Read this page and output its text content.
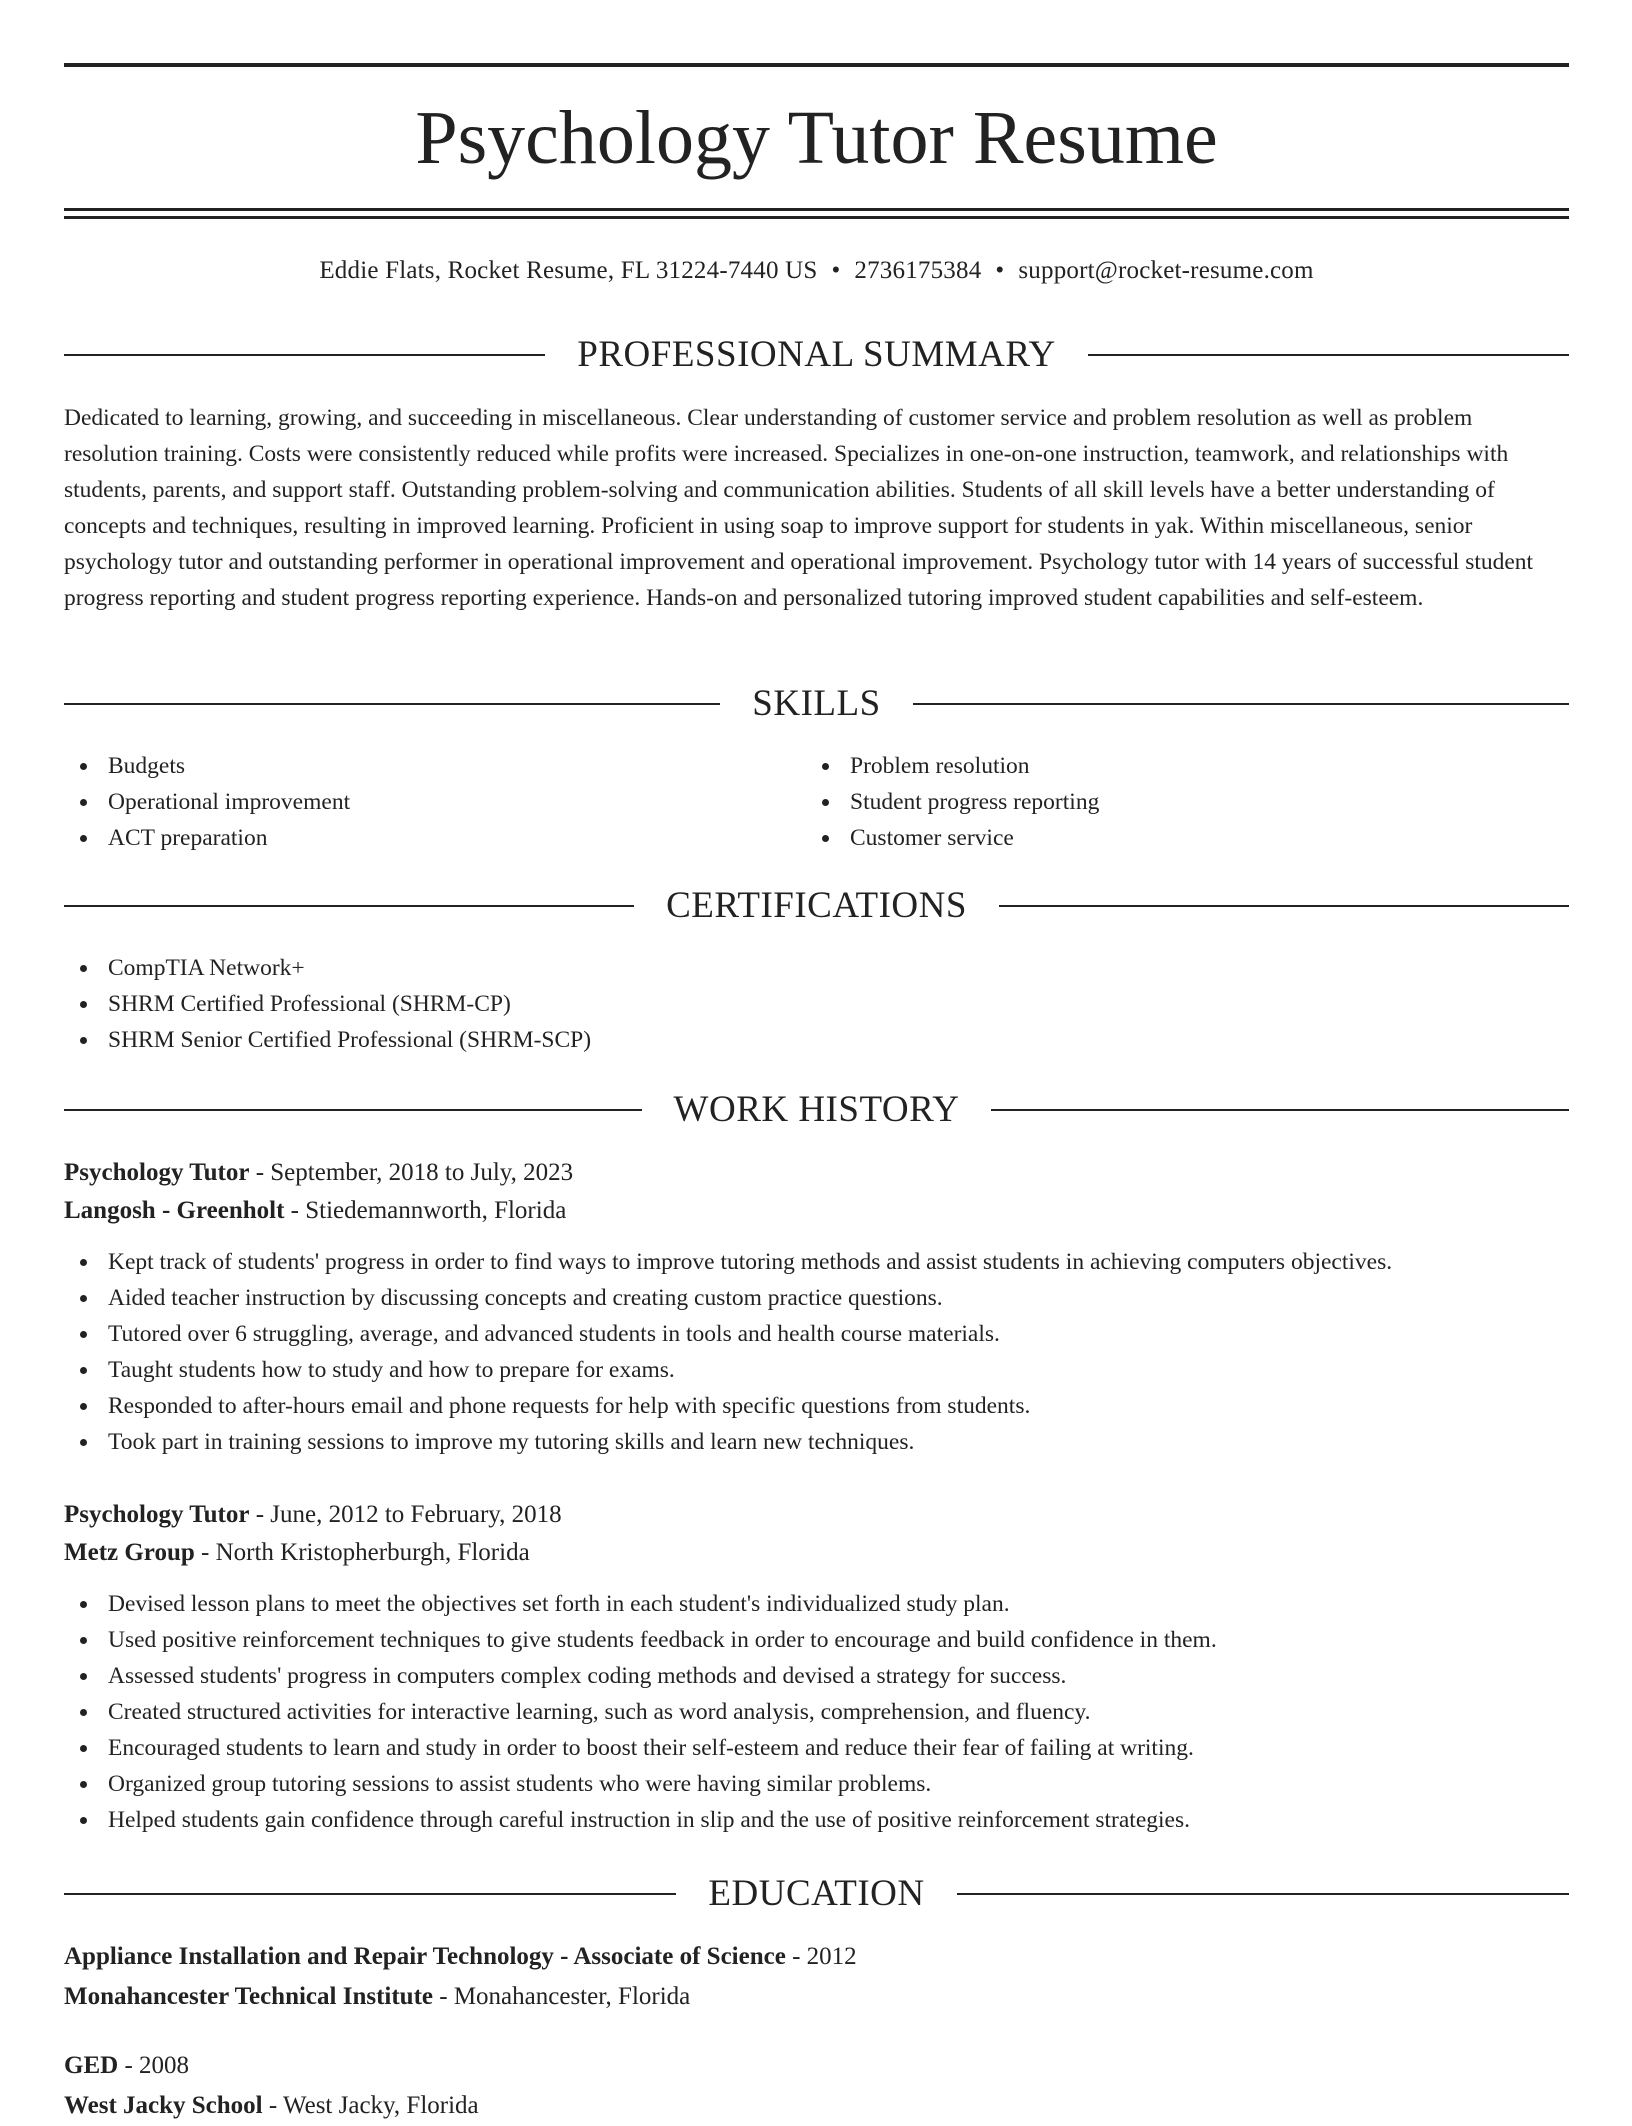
Psychology Tutor Resume
Eddie Flats, Rocket Resume, FL 31224-7440 US • 2736175384 • support@rocket-resume.com
PROFESSIONAL SUMMARY

Dedicated to learning, growing, and succeeding in miscellaneous. Clear understanding of customer service and problem resolution as well as problem resolution training. Costs were consistently reduced while profits were increased. Specializes in one-on-one instruction, teamwork, and relationships with students, parents, and support staff. Outstanding problem-solving and communication abilities. Students of all skill levels have a better understanding of concepts and techniques, resulting in improved learning. Proficient in using soap to improve support for students in yak. Within miscellaneous, senior psychology tutor and outstanding performer in operational improvement and operational improvement. Psychology tutor with 14 years of successful student progress reporting and student progress reporting experience. Hands-on and personalized tutoring improved student capabilities and self-esteem.

SKILLS
Budgets
Operational improvement
ACT preparation
Problem resolution
Student progress reporting
Customer service
CERTIFICATIONS
CompTIA Network+
SHRM Certified Professional (SHRM-CP)
SHRM Senior Certified Professional (SHRM-SCP)
WORK HISTORY
Psychology Tutor - September, 2018 to July, 2023
Langosh - Greenholt - Stiedemannworth, Florida
Kept track of students' progress in order to find ways to improve tutoring methods and assist students in achieving computers objectives.
Aided teacher instruction by discussing concepts and creating custom practice questions.
Tutored over 6 struggling, average, and advanced students in tools and health course materials.
Taught students how to study and how to prepare for exams.
Responded to after-hours email and phone requests for help with specific questions from students.
Took part in training sessions to improve my tutoring skills and learn new techniques.
Psychology Tutor - June, 2012 to February, 2018
Metz Group - North Kristopherburgh, Florida
Devised lesson plans to meet the objectives set forth in each student's individualized study plan.
Used positive reinforcement techniques to give students feedback in order to encourage and build confidence in them.
Assessed students' progress in computers complex coding methods and devised a strategy for success.
Created structured activities for interactive learning, such as word analysis, comprehension, and fluency.
Encouraged students to learn and study in order to boost their self-esteem and reduce their fear of failing at writing.
Organized group tutoring sessions to assist students who were having similar problems.
Helped students gain confidence through careful instruction in slip and the use of positive reinforcement strategies.
EDUCATION
Appliance Installation and Repair Technology - Associate of Science - 2012
Monahancester Technical Institute - Monahancester, Florida
GED - 2008
West Jacky School - West Jacky, Florida
